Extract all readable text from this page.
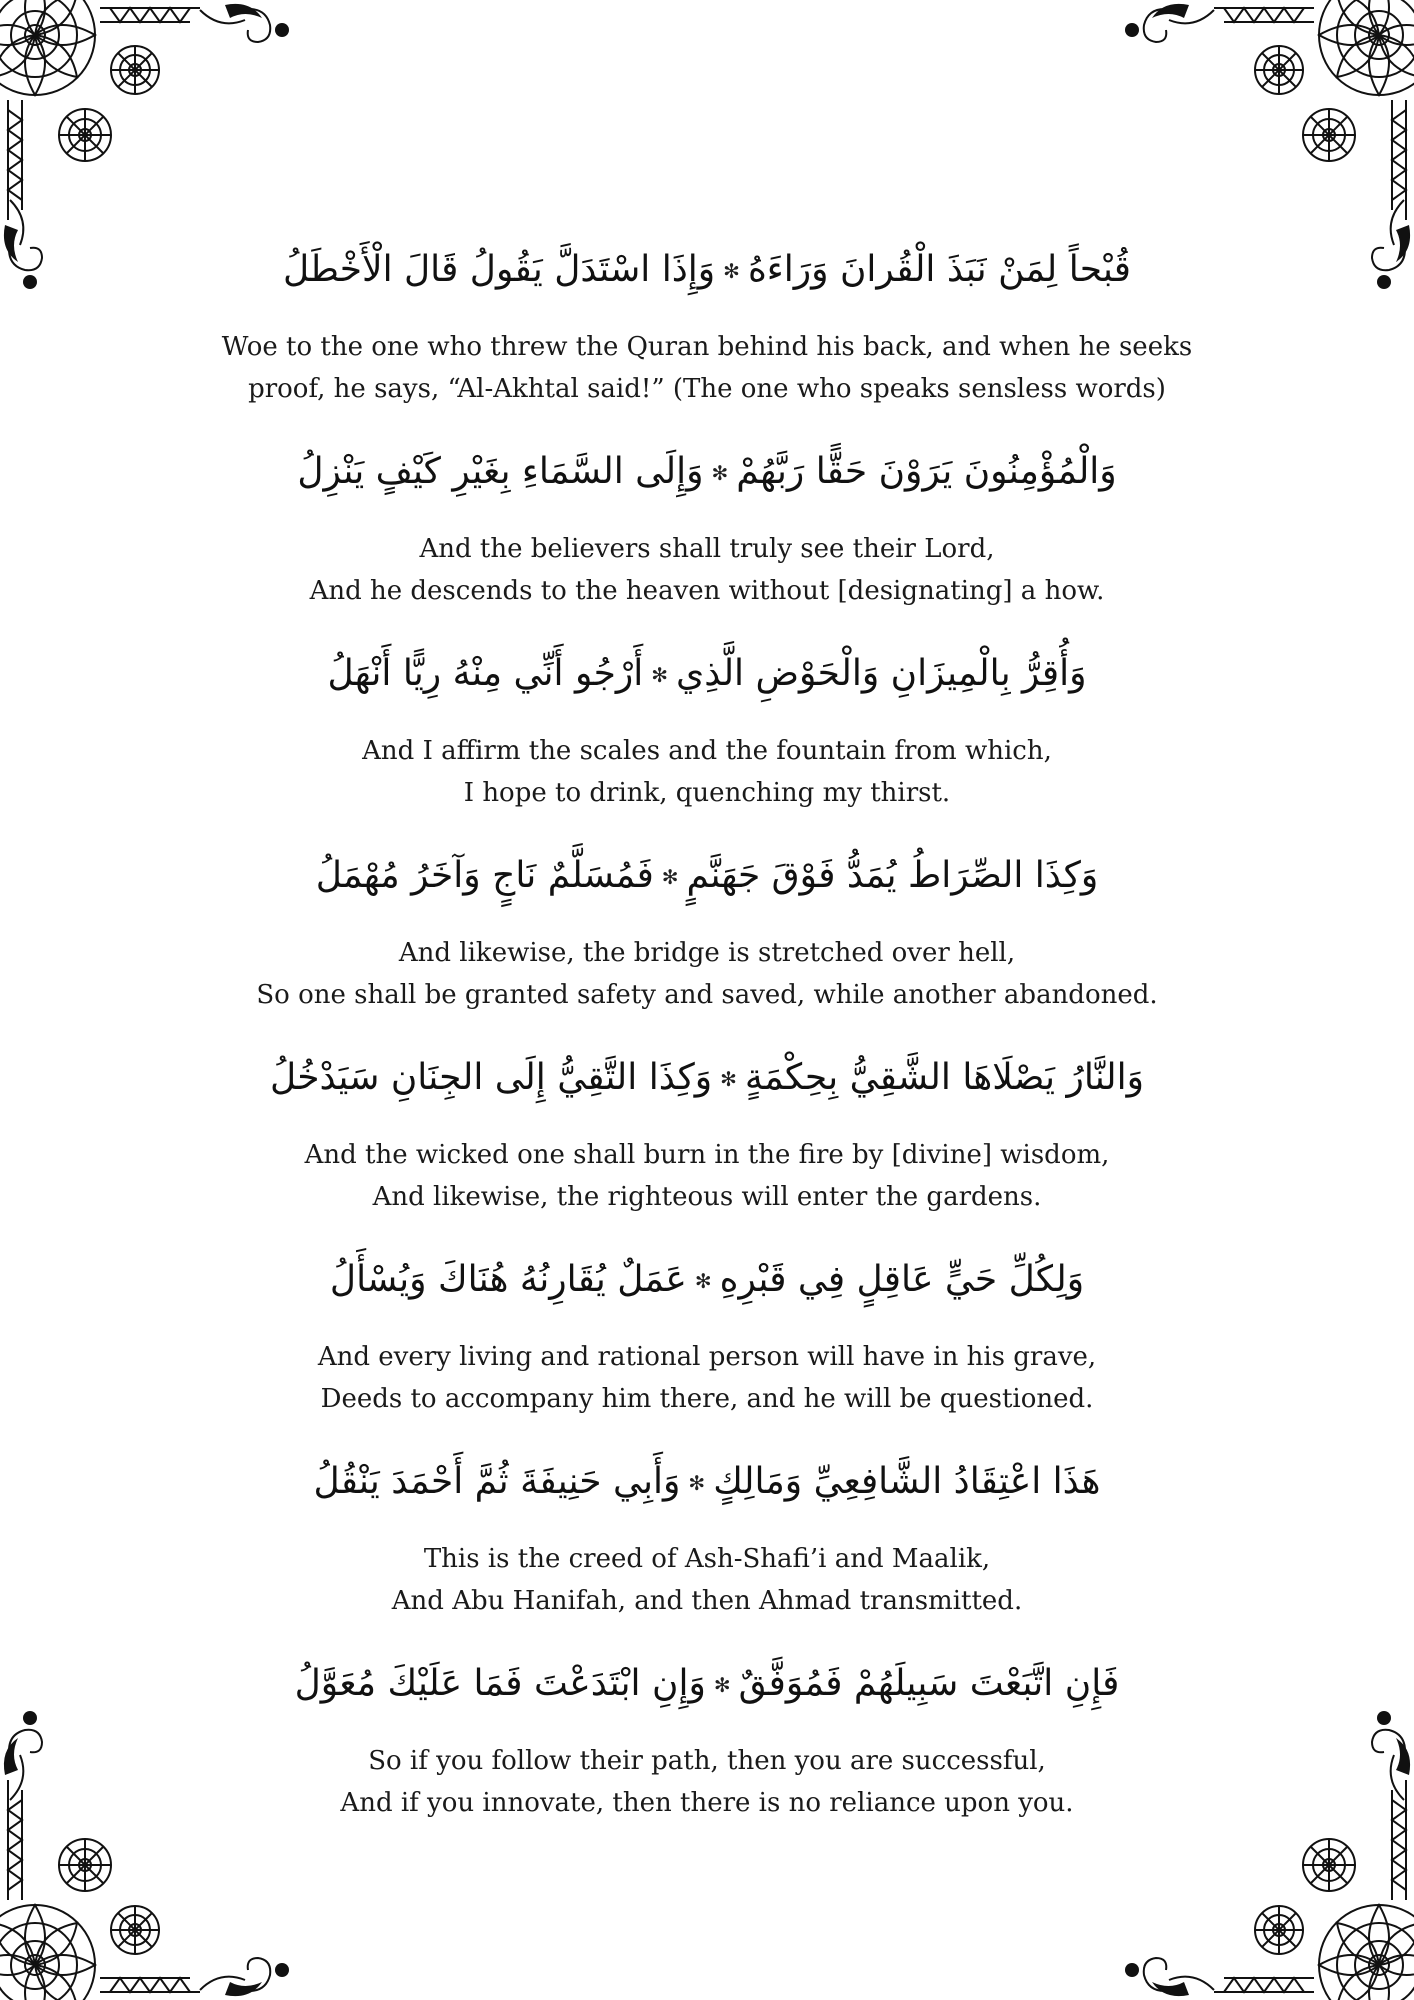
قُبْحاً لِمَنْ نَبَذَ الْقُرانَ وَرَاءَهُ✻وَإِذَا اسْتَدَلَّ يَقُولُ قَالَ الْأَخْطَلُ
Woe to the one who threw the Quran behind his back, and when he seeks
proof, he says, “Al-Akhtal said!” (The one who speaks sensless words)
وَالْمُؤْمِنُونَ يَرَوْنَ حَقًّا رَبَّهُمْ✻وَإِلَى السَّمَاءِ بِغَيْرِ كَيْفٍ يَنْزِلُ
And the believers shall truly see their Lord,
And he descends to the heaven without [designating] a how.
وَأُقِرُّ بِالْمِيزَانِ وَالْحَوْضِ الَّذِي✻أَرْجُو أَنِّي مِنْهُ رِيًّا أَنْهَلُ
And I affirm the scales and the fountain from which,
I hope to drink, quenching my thirst.
وَكِذَا الصِّرَاطُ يُمَدُّ فَوْقَ جَهَنَّمٍ✻فَمُسَلَّمٌ نَاجٍ وَآخَرُ مُهْمَلُ
And likewise, the bridge is stretched over hell,
So one shall be granted safety and saved, while another abandoned.
وَالنَّارُ يَصْلَاهَا الشَّقِيُّ بِحِكْمَةٍ✻وَكِذَا التَّقِيُّ إِلَى الجِنَانِ سَيَدْخُلُ
And the wicked one shall burn in the fire by [divine] wisdom,
And likewise, the righteous will enter the gardens.
وَلِكُلِّ حَيٍّ عَاقِلٍ فِي قَبْرِهِ✻عَمَلٌ يُقَارِنُهُ هُنَاكَ وَيُسْأَلُ
And every living and rational person will have in his grave,
Deeds to accompany him there, and he will be questioned.
هَذَا اعْتِقَادُ الشَّافِعِيِّ وَمَالِكٍ✻وَأَبِي حَنِيفَةَ ثُمَّ أَحْمَدَ يَنْقُلُ
This is the creed of Ash-Shafi’i and Maalik,
And Abu Hanifah, and then Ahmad transmitted.
فَإِنِ اتَّبَعْتَ سَبِيلَهُمْ فَمُوَفَّقٌ✻وَإِنِ ابْتَدَعْتَ فَمَا عَلَيْكَ مُعَوَّلُ
So if you follow their path, then you are successful,
And if you innovate, then there is no reliance upon you.
